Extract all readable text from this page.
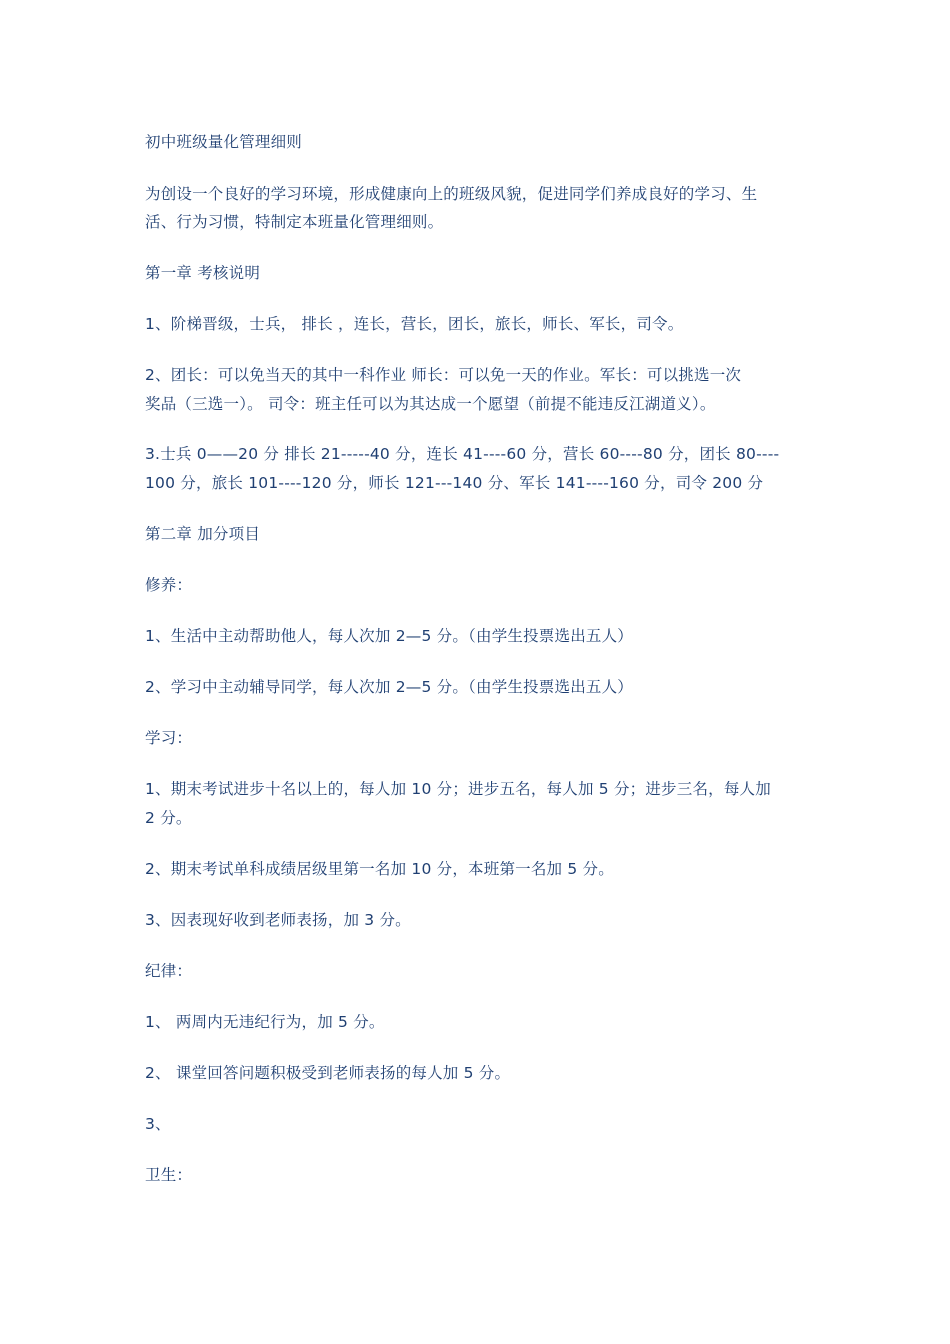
初中班级量化管理细则

为创设一个良好的学习环境，形成健康向上的班级风貌，促进同学们养成良好的学习、生

活、行为习惯，特制定本班量化管理细则。

第一章 考核说明

1、阶梯晋级，士兵， 排长 ，连长，营长，团长，旅长，师长、军长，司令。

2、团长：可以免当天的其中一科作业 师长：可以免一天的作业。军长：可以挑选一次

奖品（三选一）。 司令：班主任可以为其达成一个愿望（前提不能违反江湖道义）。

3.士兵 0——20 分 排长 21-----40 分，连长 41----60 分，营长 60----80 分，团长 80----

100 分，旅长 101----120 分，师长 121---140 分、军长 141----160 分，司令 200 分

第二章 加分项目

修养：

1、生活中主动帮助他人，每人次加 2—5 分。（由学生投票选出五人）

2、学习中主动辅导同学，每人次加 2—5 分。（由学生投票选出五人）

学习：

1、期末考试进步十名以上的，每人加 10 分；进步五名，每人加 5 分；进步三名，每人加

2 分。

2、期末考试单科成绩居级里第一名加 10 分，本班第一名加 5 分。

3、因表现好收到老师表扬，加 3 分。

纪律：

1、 两周内无违纪行为，加 5 分。

2、 课堂回答问题积极受到老师表扬的每人加 5 分。

3、

卫生：
